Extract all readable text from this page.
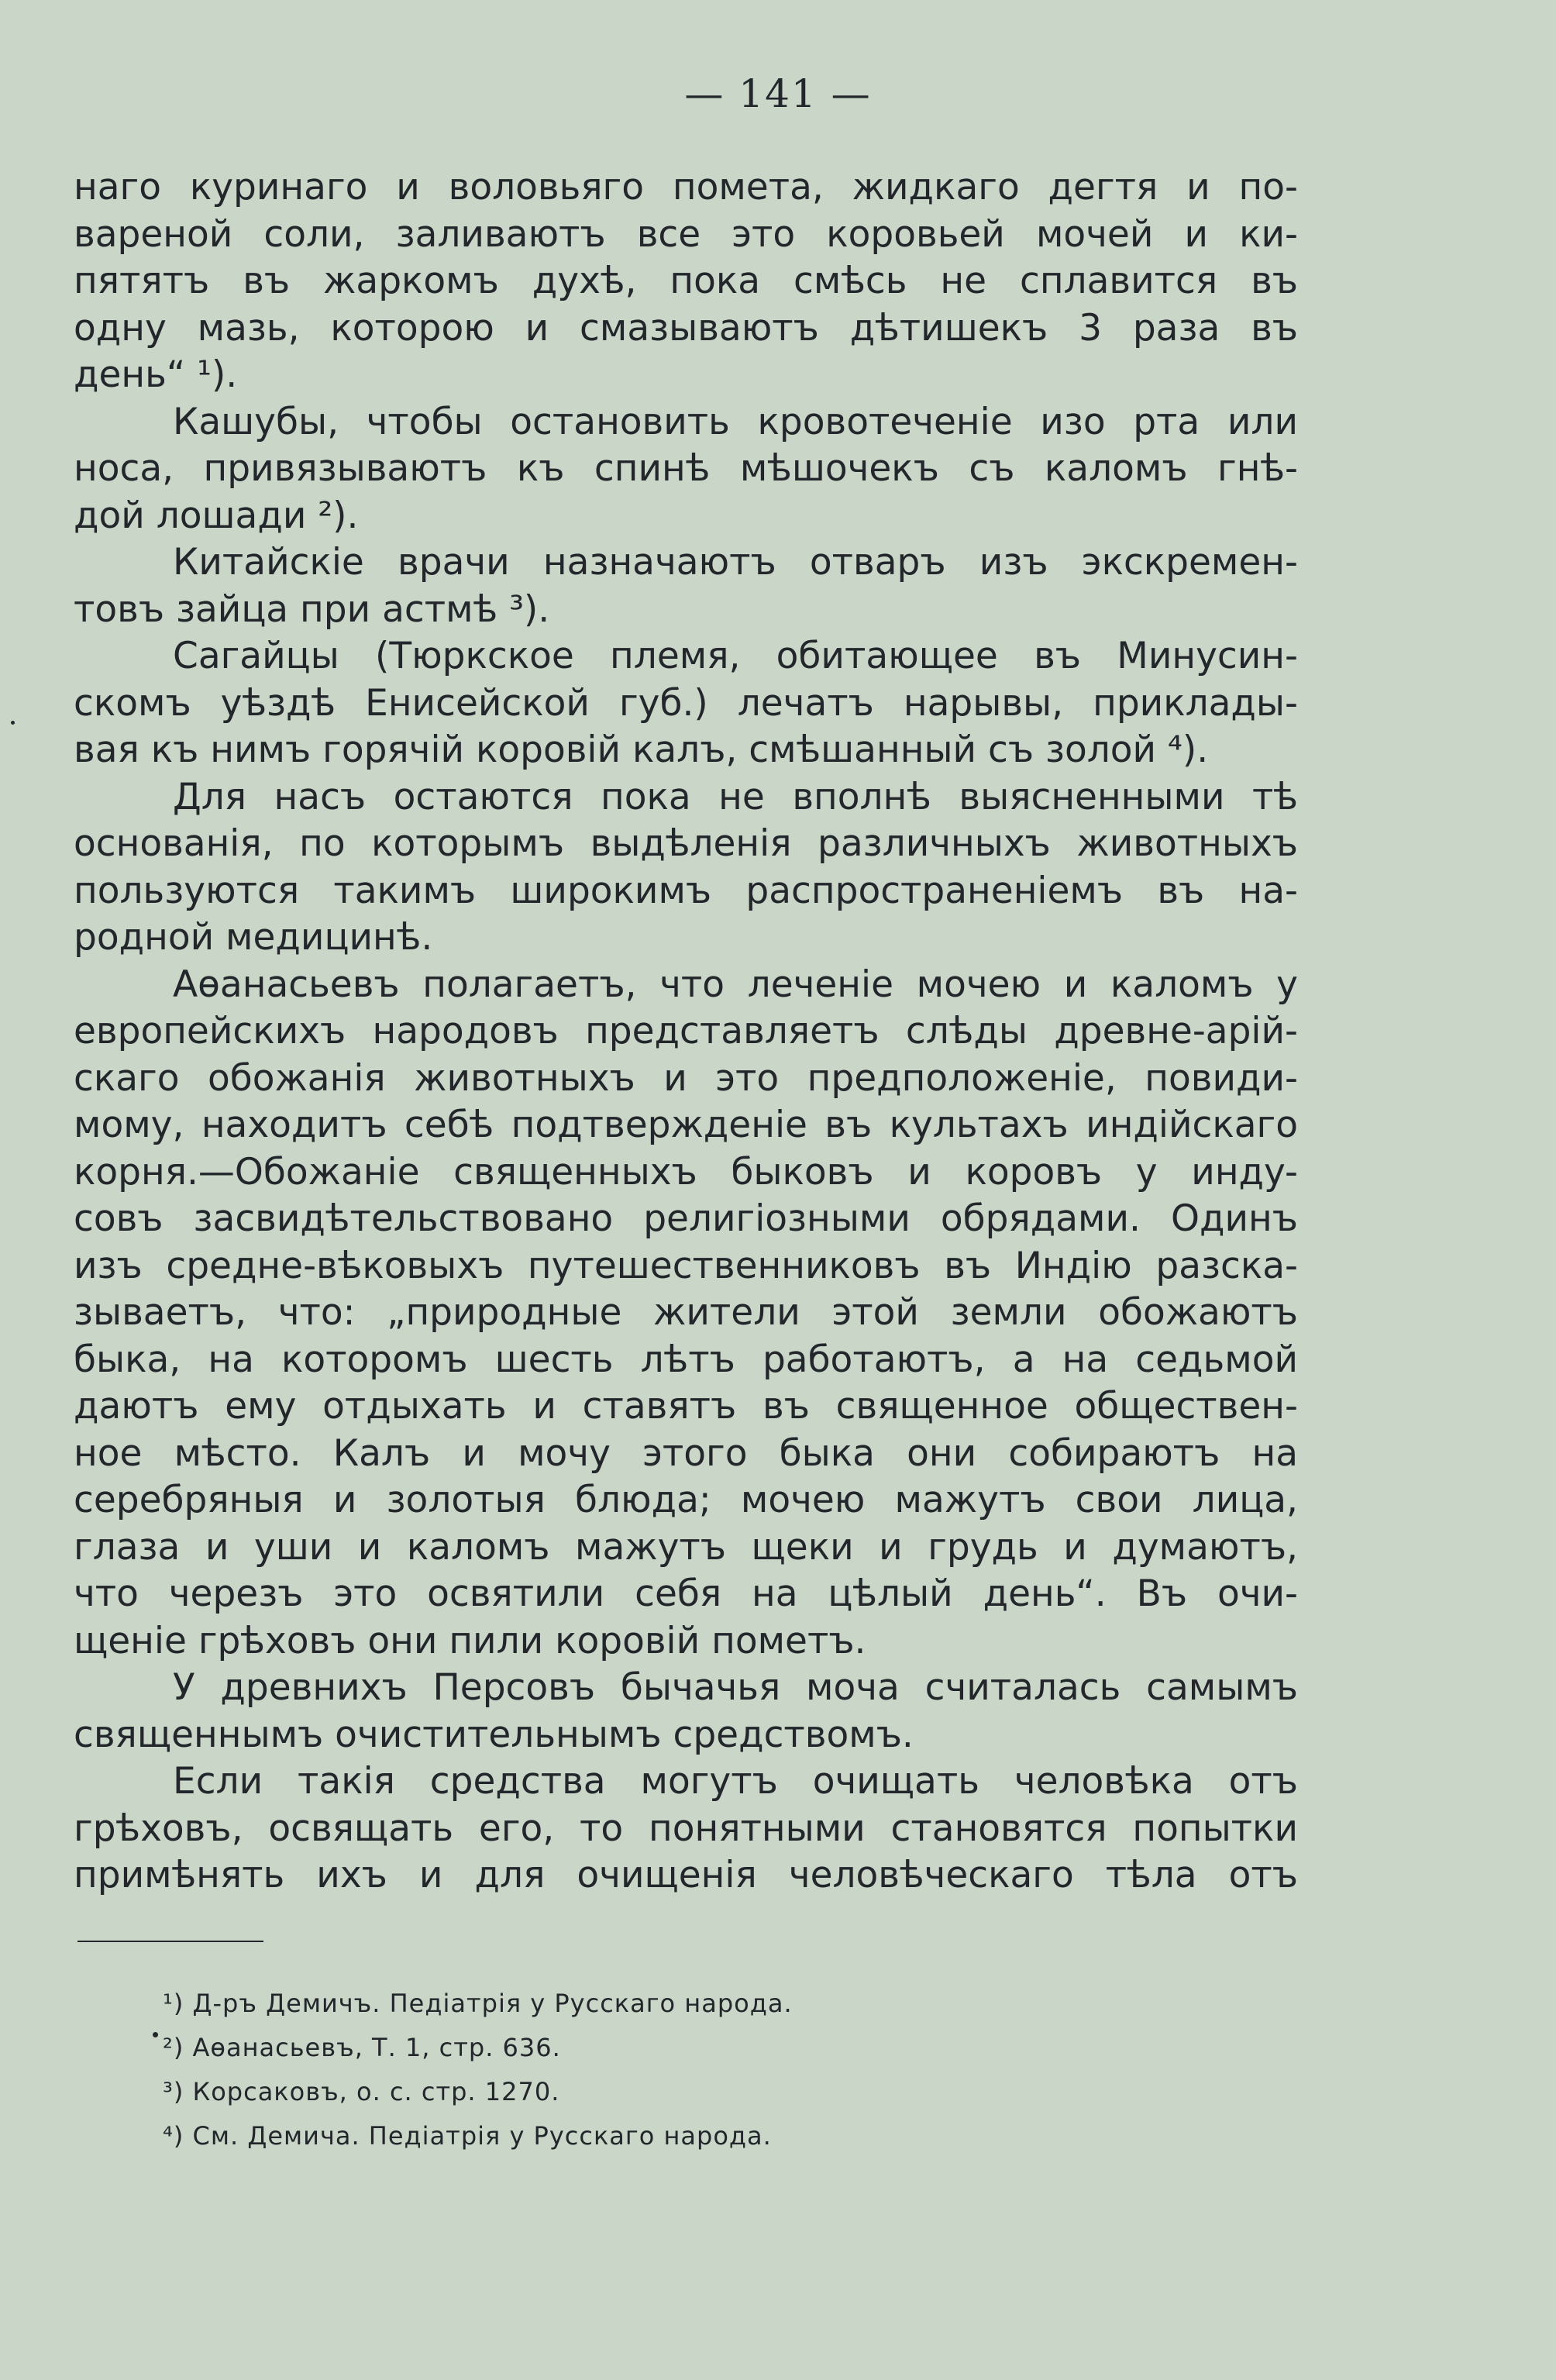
— 141 —
наго куринаго и воловьяго помета, жидкаго дегтя и по-
вареной соли, заливаютъ все это коровьей мочей и ки-
пятятъ въ жаркомъ духѣ, пока смѣсь не сплавится въ
одну мазь, которою и смазываютъ дѣтишекъ 3 раза въ
день“ ¹).
Кашубы, чтобы остановить кровотеченіе изо рта или
носа, привязываютъ къ спинѣ мѣшочекъ съ каломъ гнѣ-
дой лошади ²).
Китайскіе врачи назначаютъ отваръ изъ экскремен-
товъ зайца при астмѣ ³).
Сагайцы (Тюркское племя, обитающее въ Минусин-
скомъ уѣздѣ Енисейской губ.) лечатъ нарывы, приклады-
вая къ нимъ горячій коровій калъ, смѣшанный съ золой ⁴).
Для насъ остаются пока не вполнѣ выясненными тѣ
основанія, по которымъ выдѣленія различныхъ животныхъ
пользуются такимъ широкимъ распространеніемъ въ на-
родной медицинѣ.
Аѳанасьевъ полагаетъ, что леченіе мочею и каломъ у
европейскихъ народовъ представляетъ слѣды древне-арій-
скаго обожанія животныхъ и это предположеніе, повиди-
мому, находитъ себѣ подтвержденіе въ культахъ индійскаго
корня.—Обожаніе священныхъ быковъ и коровъ у индy-
совъ засвидѣтельствовано религіозными обрядами. Одинъ
изъ средне-вѣковыхъ путешественниковъ въ Индію разска-
зываетъ, что: „природные жители этой земли обожаютъ
быка, на которомъ шесть лѣтъ работаютъ, а на седьмой
даютъ ему отдыхать и ставятъ въ священное обществен-
ное мѣсто. Калъ и мочу этого быка они собираютъ на
серебряныя и золотыя блюда; мочею мажутъ свои лица,
глаза и уши и каломъ мажутъ щеки и грудь и думаютъ,
что черезъ это освятили себя на цѣлый день“. Въ очи-
щеніе грѣховъ они пили коровій пометъ.
У древнихъ Персовъ бычачья моча считалась самымъ
священнымъ очистительнымъ средствомъ.
Если такія средства могутъ очищать человѣка отъ
грѣховъ, освящать его, то понятными становятся попытки
примѣнять ихъ и для очищенія человѣческаго тѣла отъ
¹) Д-ръ Демичъ. Педіатрія у Русскаго народа.
²) Аѳанасьевъ, Т. 1, стр. 636.
³) Корсаковъ, о. с. стр. 1270.
⁴) См. Демича. Педіатрія у Русскаго народа.
